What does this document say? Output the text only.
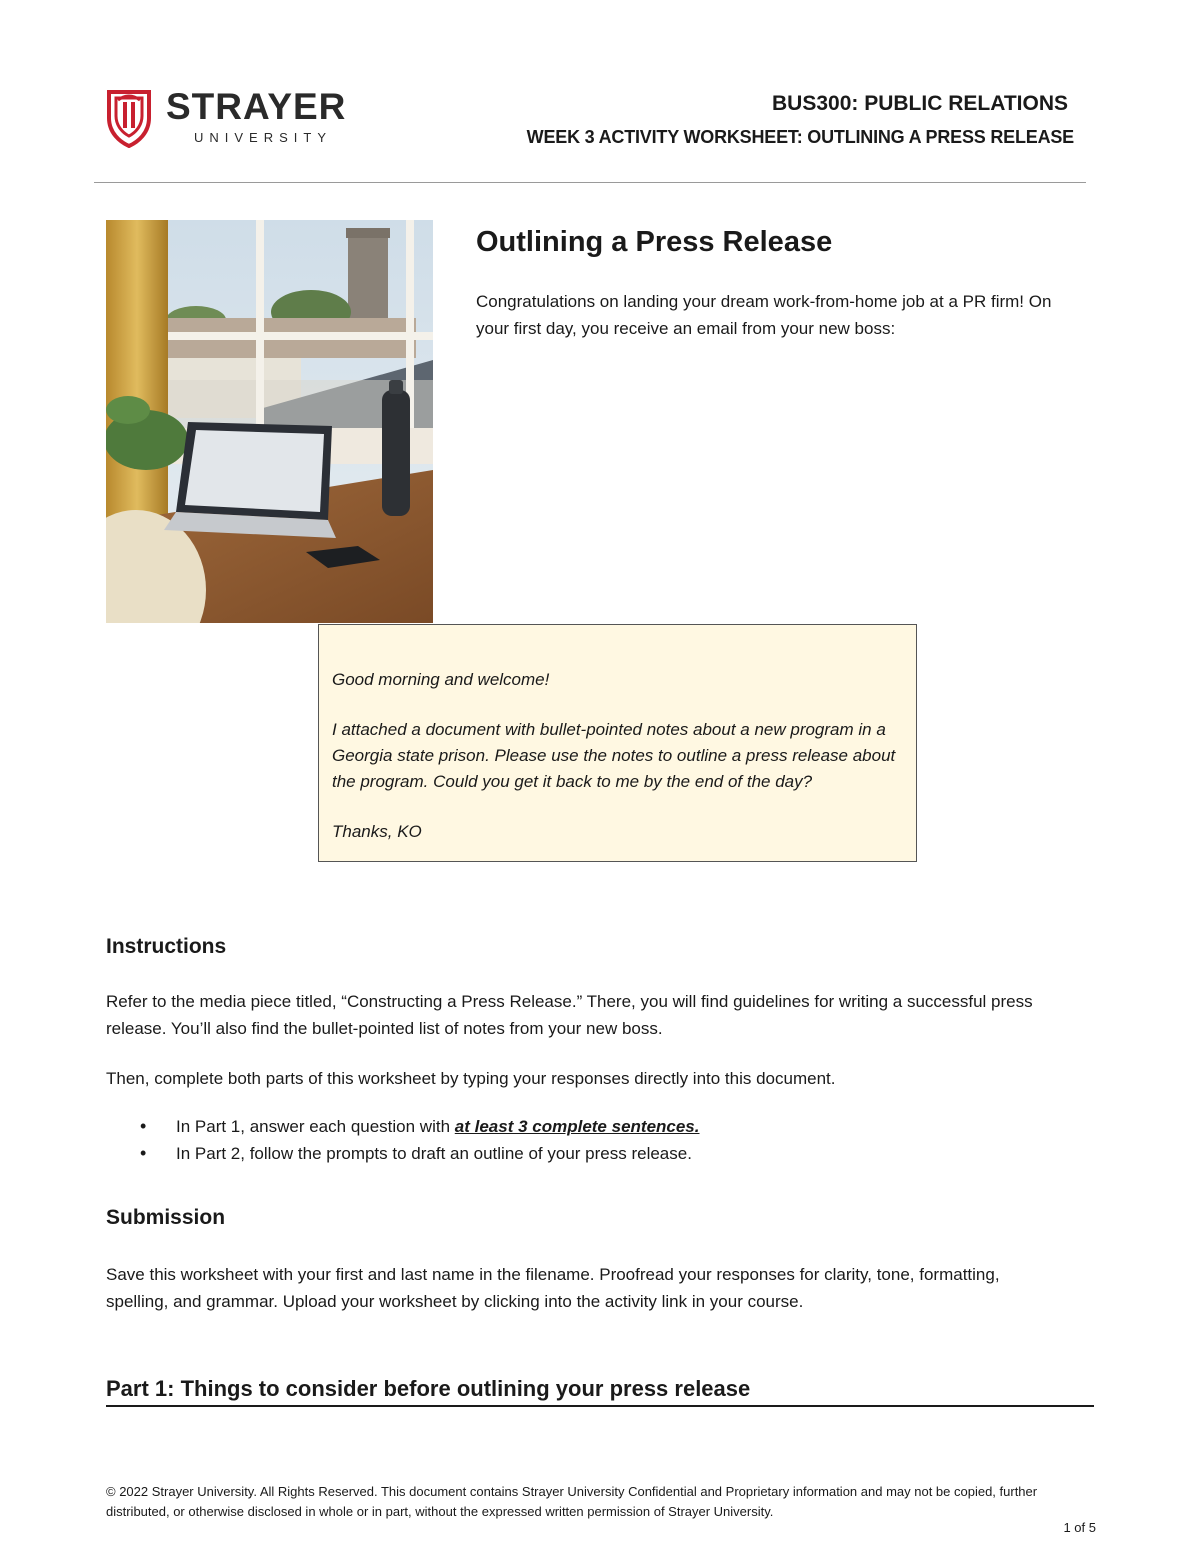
STRAYER
UNIVERSITY
BUS300: PUBLIC RELATIONS
WEEK 3 ACTIVITY WORKSHEET: OUTLINING A PRESS RELEASE
Outlining a Press Release
Congratulations on landing your dream work-from-home job at a PR firm! On your first day, you receive an email from your new boss:

Good morning and welcome!

I attached a document with bullet-pointed notes about a new program in a Georgia state prison. Please use the notes to outline a press release about the program. Could you get it back to me by the end of the day?

Thanks, KO

Instructions
Refer to the media piece titled, “Constructing a Press Release.” There, you will find guidelines for writing a successful press release. You’ll also find the bullet-pointed list of notes from your new boss.
Then, complete both parts of this worksheet by typing your responses directly into this document.
• In Part 1, answer each question with at least 3 complete sentences.
• In Part 2, follow the prompts to draft an outline of your press release.
Submission
Save this worksheet with your first and last name in the filename. Proofread your responses for clarity, tone, formatting, spelling, and grammar. Upload your worksheet by clicking into the activity link in your course.
Part 1: Things to consider before outlining your press release
© 2022 Strayer University. All Rights Reserved. This document contains Strayer University Confidential and Proprietary information and may not be copied, further distributed, or otherwise disclosed in whole or in part, without the expressed written permission of Strayer University.
1 of 5
